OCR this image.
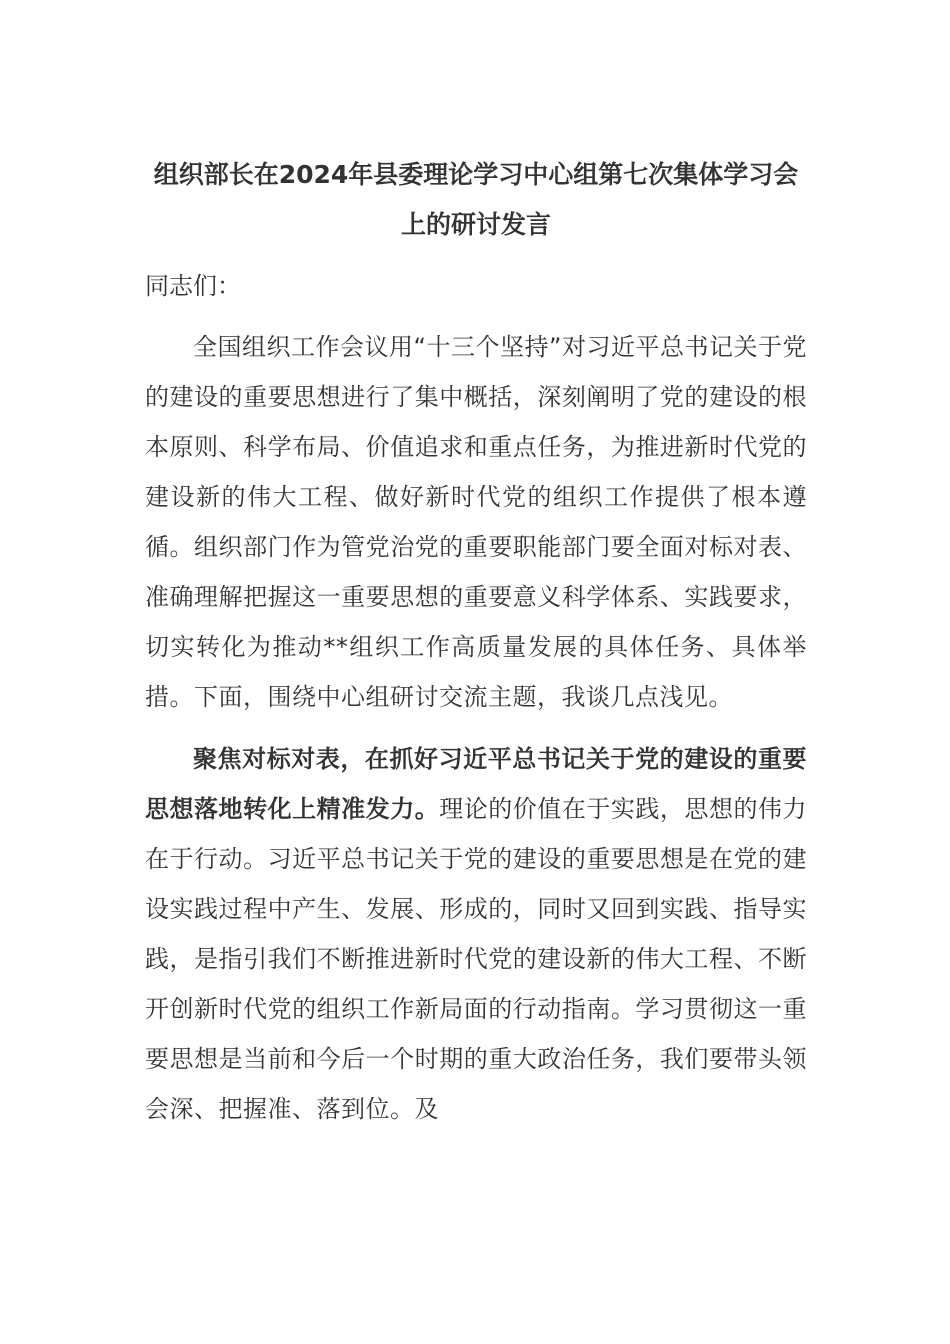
组织部长在2024年县委理论学习中心组第七次集体学习会上的研讨发言

同志们：

全国组织工作会议用“十三个坚持”对习近平总书记关于党的建设的重要思想进行了集中概括，深刻阐明了党的建设的根本原则、科学布局、价值追求和重点任务，为推进新时代党的建设新的伟大工程、做好新时代党的组织工作提供了根本遵循。组织部门作为管党治党的重要职能部门要全面对标对表、准确理解把握这一重要思想的重要意义科学体系、实践要求，切实转化为推动**组织工作高质量发展的具体任务、具体举措。下面，围绕中心组研讨交流主题，我谈几点浅见。

聚焦对标对表，在抓好习近平总书记关于党的建设的重要思想落地转化上精准发力。理论的价值在于实践，思想的伟力在于行动。习近平总书记关于党的建设的重要思想是在党的建设实践过程中产生、发展、形成的，同时又回到实践、指导实践，是指引我们不断推进新时代党的建设新的伟大工程、不断开创新时代党的组织工作新局面的行动指南。学习贯彻这一重要思想是当前和今后一个时期的重大政治任务，我们要带头领会深、把握准、落到位。及
